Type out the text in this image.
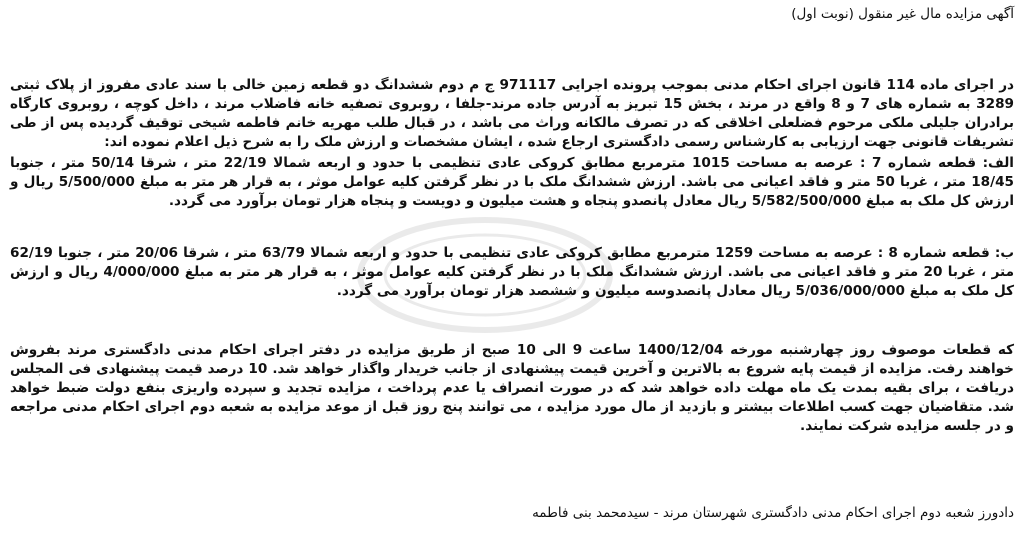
آگهی مزایده مال غیر منقول (نوبت اول)
در اجرای ماده 114 قانون اجرای احکام مدنی بموجب پرونده اجرایی 971117 ج م دوم ششدانگ دو قطعه زمین خالی با سند عادی مفروز از پلاک ثبتی 3289 به شماره های 7 و 8 واقع در مرند ، بخش 15 تبریز به آدرس جاده مرند-جلفا ، روبروی تصفیه خانه فاضلاب مرند ، داخل کوچه ، روبروی کارگاه برادران جلیلی ملکی مرحوم فضلعلی اخلاقی که در تصرف مالکانه وراث می باشد ، در قبال طلب مهریه خانم فاطمه شیخی توقیف گردیده پس از طی تشریفات قانونی جهت ارزیابی به کارشناس رسمی دادگستری ارجاع شده ، ایشان مشخصات و ارزش ملک را به شرح ذیل اعلام نموده اند:
الف: قطعه شماره 7 : عرصه به مساحت 1015 مترمربع مطابق کروکی عادی تنظیمی با حدود و اربعه شمالا 22/19 متر ، شرقا 50/14 متر ، جنوبا 18/45 متر ، غربا 50 متر و فاقد اعیانی می باشد. ارزش ششدانگ ملک با در نظر گرفتن کلیه عوامل موثر ، به قرار هر متر به مبلغ 5/500/000 ریال و ارزش کل ملک به مبلغ 5/582/500/000 ریال معادل پانصدو پنجاه و هشت میلیون و دویست و پنجاه هزار تومان برآورد می گردد.
ب: قطعه شماره 8 : عرصه به مساحت 1259 مترمربع مطابق کروکی عادی تنظیمی با حدود و اربعه شمالا 63/79 متر ، شرقا 20/06 متر ، جنوبا 62/19 متر ، غربا 20 متر و فاقد اعیانی می باشد. ارزش ششدانگ ملک با در نظر گرفتن کلیه عوامل موثر ، به قرار هر متر به مبلغ 4/000/000 ریال و ارزش کل ملک به مبلغ 5/036/000/000 ریال معادل پانصدوسه میلیون و ششصد هزار تومان برآورد می گردد.
که قطعات موصوف روز چهارشنبه مورخه 1400/12/04 ساعت 9 الی 10 صبح از طریق مزایده در دفتر اجرای احکام مدنی دادگستری مرند بفروش خواهند رفت. مزایده از قیمت پایه شروع به بالاترین و آخرین قیمت پیشنهادی از جانب خریدار واگذار خواهد شد. 10 درصد قیمت پیشنهادی فی المجلس دریافت ، برای بقیه بمدت یک ماه مهلت داده خواهد شد که در صورت انصراف یا عدم پرداخت ، مزایده تجدید و سپرده واریزی بنفع دولت ضبط خواهد شد. متقاضیان جهت کسب اطلاعات بیشتر و بازدید از مال مورد مزایده ، می توانند پنج روز قبل از موعد مزایده به شعبه دوم اجرای احکام مدنی مراجعه و در جلسه مزایده شرکت نمایند.
دادورز شعبه دوم اجرای احکام مدنی دادگستری شهرستان مرند - سیدمحمد بنی فاطمه
